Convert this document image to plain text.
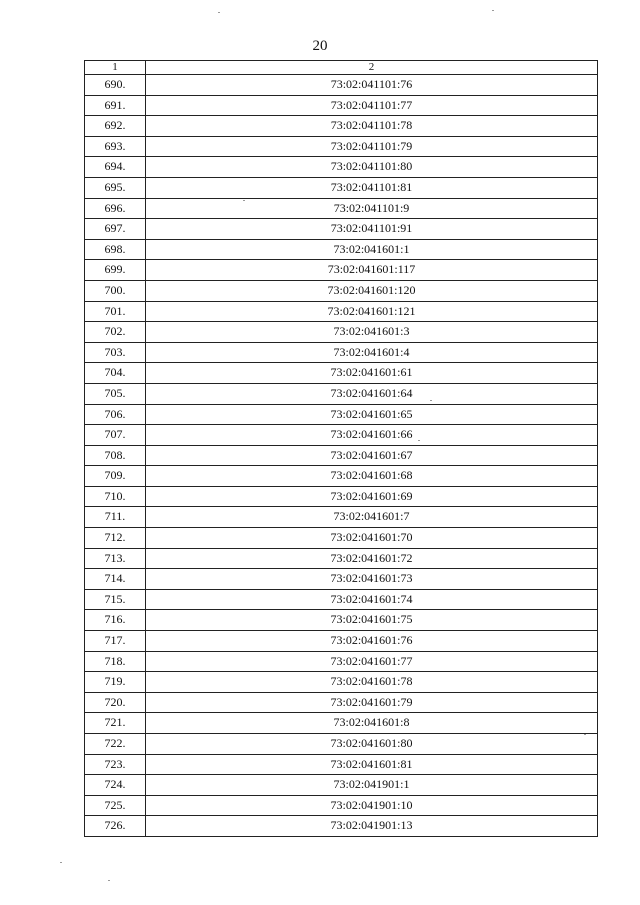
20
1	2
690.	73:02:041101:76
691.	73:02:041101:77
692.	73:02:041101:78
693.	73:02:041101:79
694.	73:02:041101:80
695.	73:02:041101:81
696.	73:02:041101:9
697.	73:02:041101:91
698.	73:02:041601:1
699.	73:02:041601:117
700.	73:02:041601:120
701.	73:02:041601:121
702.	73:02:041601:3
703.	73:02:041601:4
704.	73:02:041601:61
705.	73:02:041601:64
706.	73:02:041601:65
707.	73:02:041601:66
708.	73:02:041601:67
709.	73:02:041601:68
710.	73:02:041601:69
711.	73:02:041601:7
712.	73:02:041601:70
713.	73:02:041601:72
714.	73:02:041601:73
715.	73:02:041601:74
716.	73:02:041601:75
717.	73:02:041601:76
718.	73:02:041601:77
719.	73:02:041601:78
720.	73:02:041601:79
721.	73:02:041601:8
722.	73:02:041601:80
723.	73:02:041601:81
724.	73:02:041901:1
725.	73:02:041901:10
726.	73:02:041901:13
